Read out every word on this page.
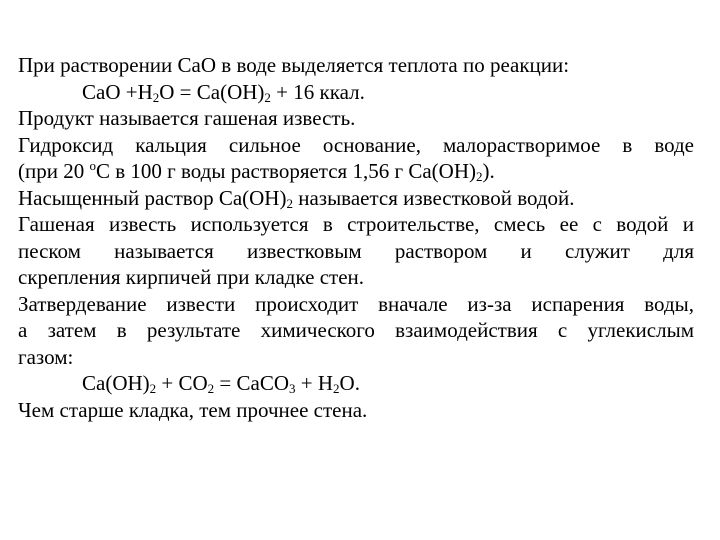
При растворении CaO в воде выделяется теплота по реакции:
CaO $+H_2O = Ca(OH)_2 + 16$ ккал.
Продукт называется гашеная известь.
Гидроксид кальция сильное основание, малорастворимое в воде
(при 20 $^o$C в 100 г воды растворяется 1,56 г $Ca(OH)_2$).
Насыщенный раствор $Ca(OH)_2$ называется известковой водой.
Гашеная известь используется в строительстве, смесь ее с водой и
песком называется известковым раствором и служит для
скрепления кирпичей при кладке стен.
Затвердевание извести происходит вначале из-за испарения воды,
а затем в результате химического взаимодействия с углекислым
газом:
$Ca(OH)_2 + CO_2$ = CaCO$_3$ + $H_2O$.
Чем старше кладка, тем прочнее стена.
